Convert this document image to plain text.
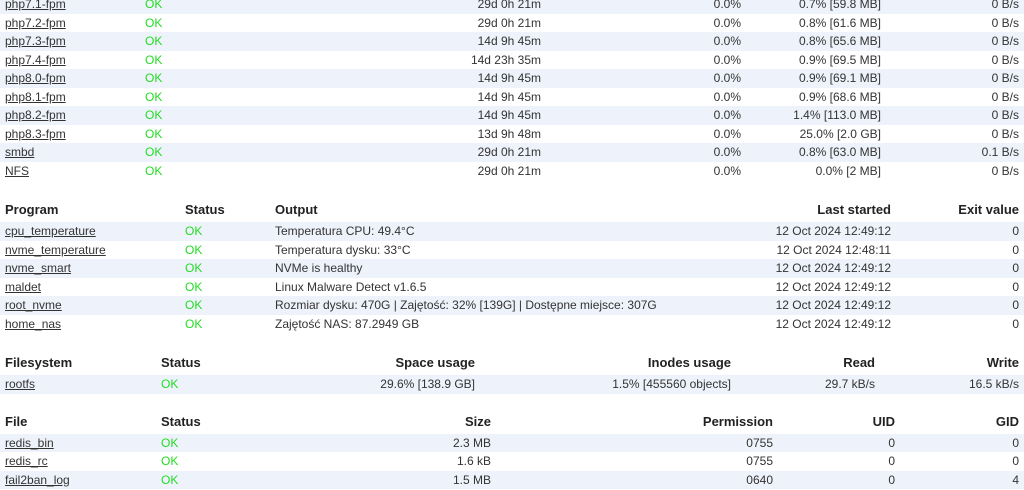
php7.1-fpm	OK	29d 0h 21m	0.0%	0.7% [59.8 MB]	0 B/s	
php7.2-fpm	OK	29d 0h 21m	0.0%	0.8% [61.6 MB]	0 B/s	
php7.3-fpm	OK	14d 9h 45m	0.0%	0.8% [65.6 MB]	0 B/s	
php7.4-fpm	OK	14d 23h 35m	0.0%	0.9% [69.5 MB]	0 B/s	
php8.0-fpm	OK	14d 9h 45m	0.0%	0.9% [69.1 MB]	0 B/s	
php8.1-fpm	OK	14d 9h 45m	0.0%	0.9% [68.6 MB]	0 B/s	
php8.2-fpm	OK	14d 9h 45m	0.0%	1.4% [113.0 MB]	0 B/s	
php8.3-fpm	OK	13d 9h 48m	0.0%	25.0% [2.0 GB]	0 B/s	
smbd	OK	29d 0h 21m	0.0%	0.8% [63.0 MB]	0.1 B/s	
NFS	OK	29d 0h 21m	0.0%	0.0% [2 MB]	0 B/s	
Program	Status	Output	Last started	Exit value
cpu_temperature	OK	Temperatura CPU: 49.4°C	12 Oct 2024 12:49:12	0
nvme_temperature	OK	Temperatura dysku: 33°C	12 Oct 2024 12:48:11	0
nvme_smart	OK	NVMe is healthy	12 Oct 2024 12:49:12	0
maldet	OK	Linux Malware Detect v1.6.5	12 Oct 2024 12:49:12	0
root_nvme	OK	Rozmiar dysku: 470G | Zajętość: 32% [139G] | Dostępne miejsce: 307G	12 Oct 2024 12:49:12	0
home_nas	OK	Zajętość NAS: 87.2949 GB	12 Oct 2024 12:49:12	0
Filesystem	Status	Space usage	Inodes usage	Read	Write
rootfs	OK	29.6% [138.9 GB]	1.5% [455560 objects]	29.7 kB/s	16.5 kB/s
File	Status	Size	Permission	UID	GID
redis_bin	OK	2.3 MB	0755	0	0
redis_rc	OK	1.6 kB	0755	0	0
fail2ban_log	OK	1.5 MB	0640	0	4
